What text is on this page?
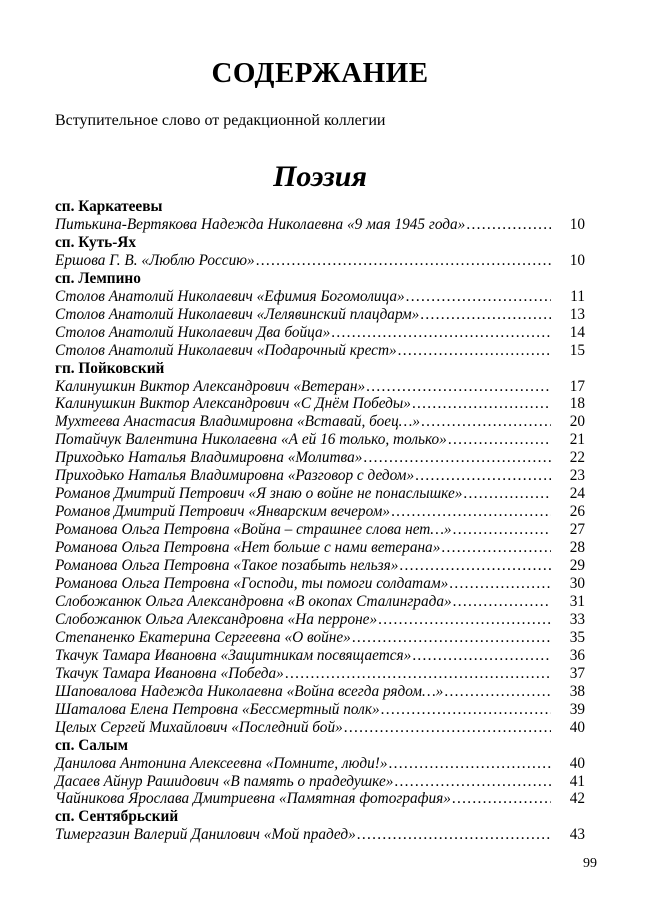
СОДЕРЖАНИЕ

Вступительное слово от редакционной коллегии

Поэзия
сп. Каркатеевы
Питькина-Вертякова Надежда Николаевна «9 мая 1945 года» .....	10
сп. Куть-Ях
Ершова Г. В. «Люблю Россию» .....	10
сп. Лемпино
Столов Анатолий Николаевич «Ефимия Богомолица» .....	11
Столов Анатолий Николаевич «Лелявинский плацдарм» .....	13
Столов Анатолий Николаевич Два бойца» .....	14
Столов Анатолий Николаевич «Подарочный крест» .....	15
гп. Пойковский
Калинушкин Виктор Александрович «Ветеран» .....	17
Калинушкин Виктор Александрович «С Днём Победы» .....	18
Мухтеева Анастасия Владимировна «Вставай, боец…» .....	20
Потайчук Валентина Николаевна «А ей 16 только, только» .....	21
Приходько Наталья Владимировна «Молитва» .....	22
Приходько Наталья Владимировна «Разговор с дедом» .....	23
Романов Дмитрий Петрович «Я знаю о войне не понаслышке» .....	24
Романов Дмитрий Петрович «Январским вечером» .....	26
Романова Ольга Петровна «Война – страшнее слова нет…» .....	27
Романова Ольга Петровна «Нет больше с нами ветерана» .....	28
Романова Ольга Петровна «Такое позабыть нельзя» .....	29
Романова Ольга Петровна «Господи, ты помоги солдатам» .....	30
Слобожанюк Ольга Александровна «В окопах Сталинграда» .....	31
Слобожанюк Ольга Александровна «На перроне» .....	33
Степаненко Екатерина Сергеевна «О войне» .....	35
Ткачук Тамара Ивановна «Защитникам посвящается» .....	36
Ткачук Тамара Ивановна «Победа» .....	37
Шаповалова Надежда Николаевна «Война всегда рядом…» .....	38
Шаталова Елена Петровна «Бессмертный полк» .....	39
Целых Сергей Михайлович «Последний бой» .....	40
сп. Салым
Данилова Антонина Алексеевна «Помните, люди!» .....	40
Дасаев Айнур Рашидович «В память о прадедушке» .....	41
Чайникова Ярослава Дмитриевна «Памятная фотография» .....	42
сп. Сентябрьский
Тимергазин Валерий Данилович «Мой прадед» .....	43
99
